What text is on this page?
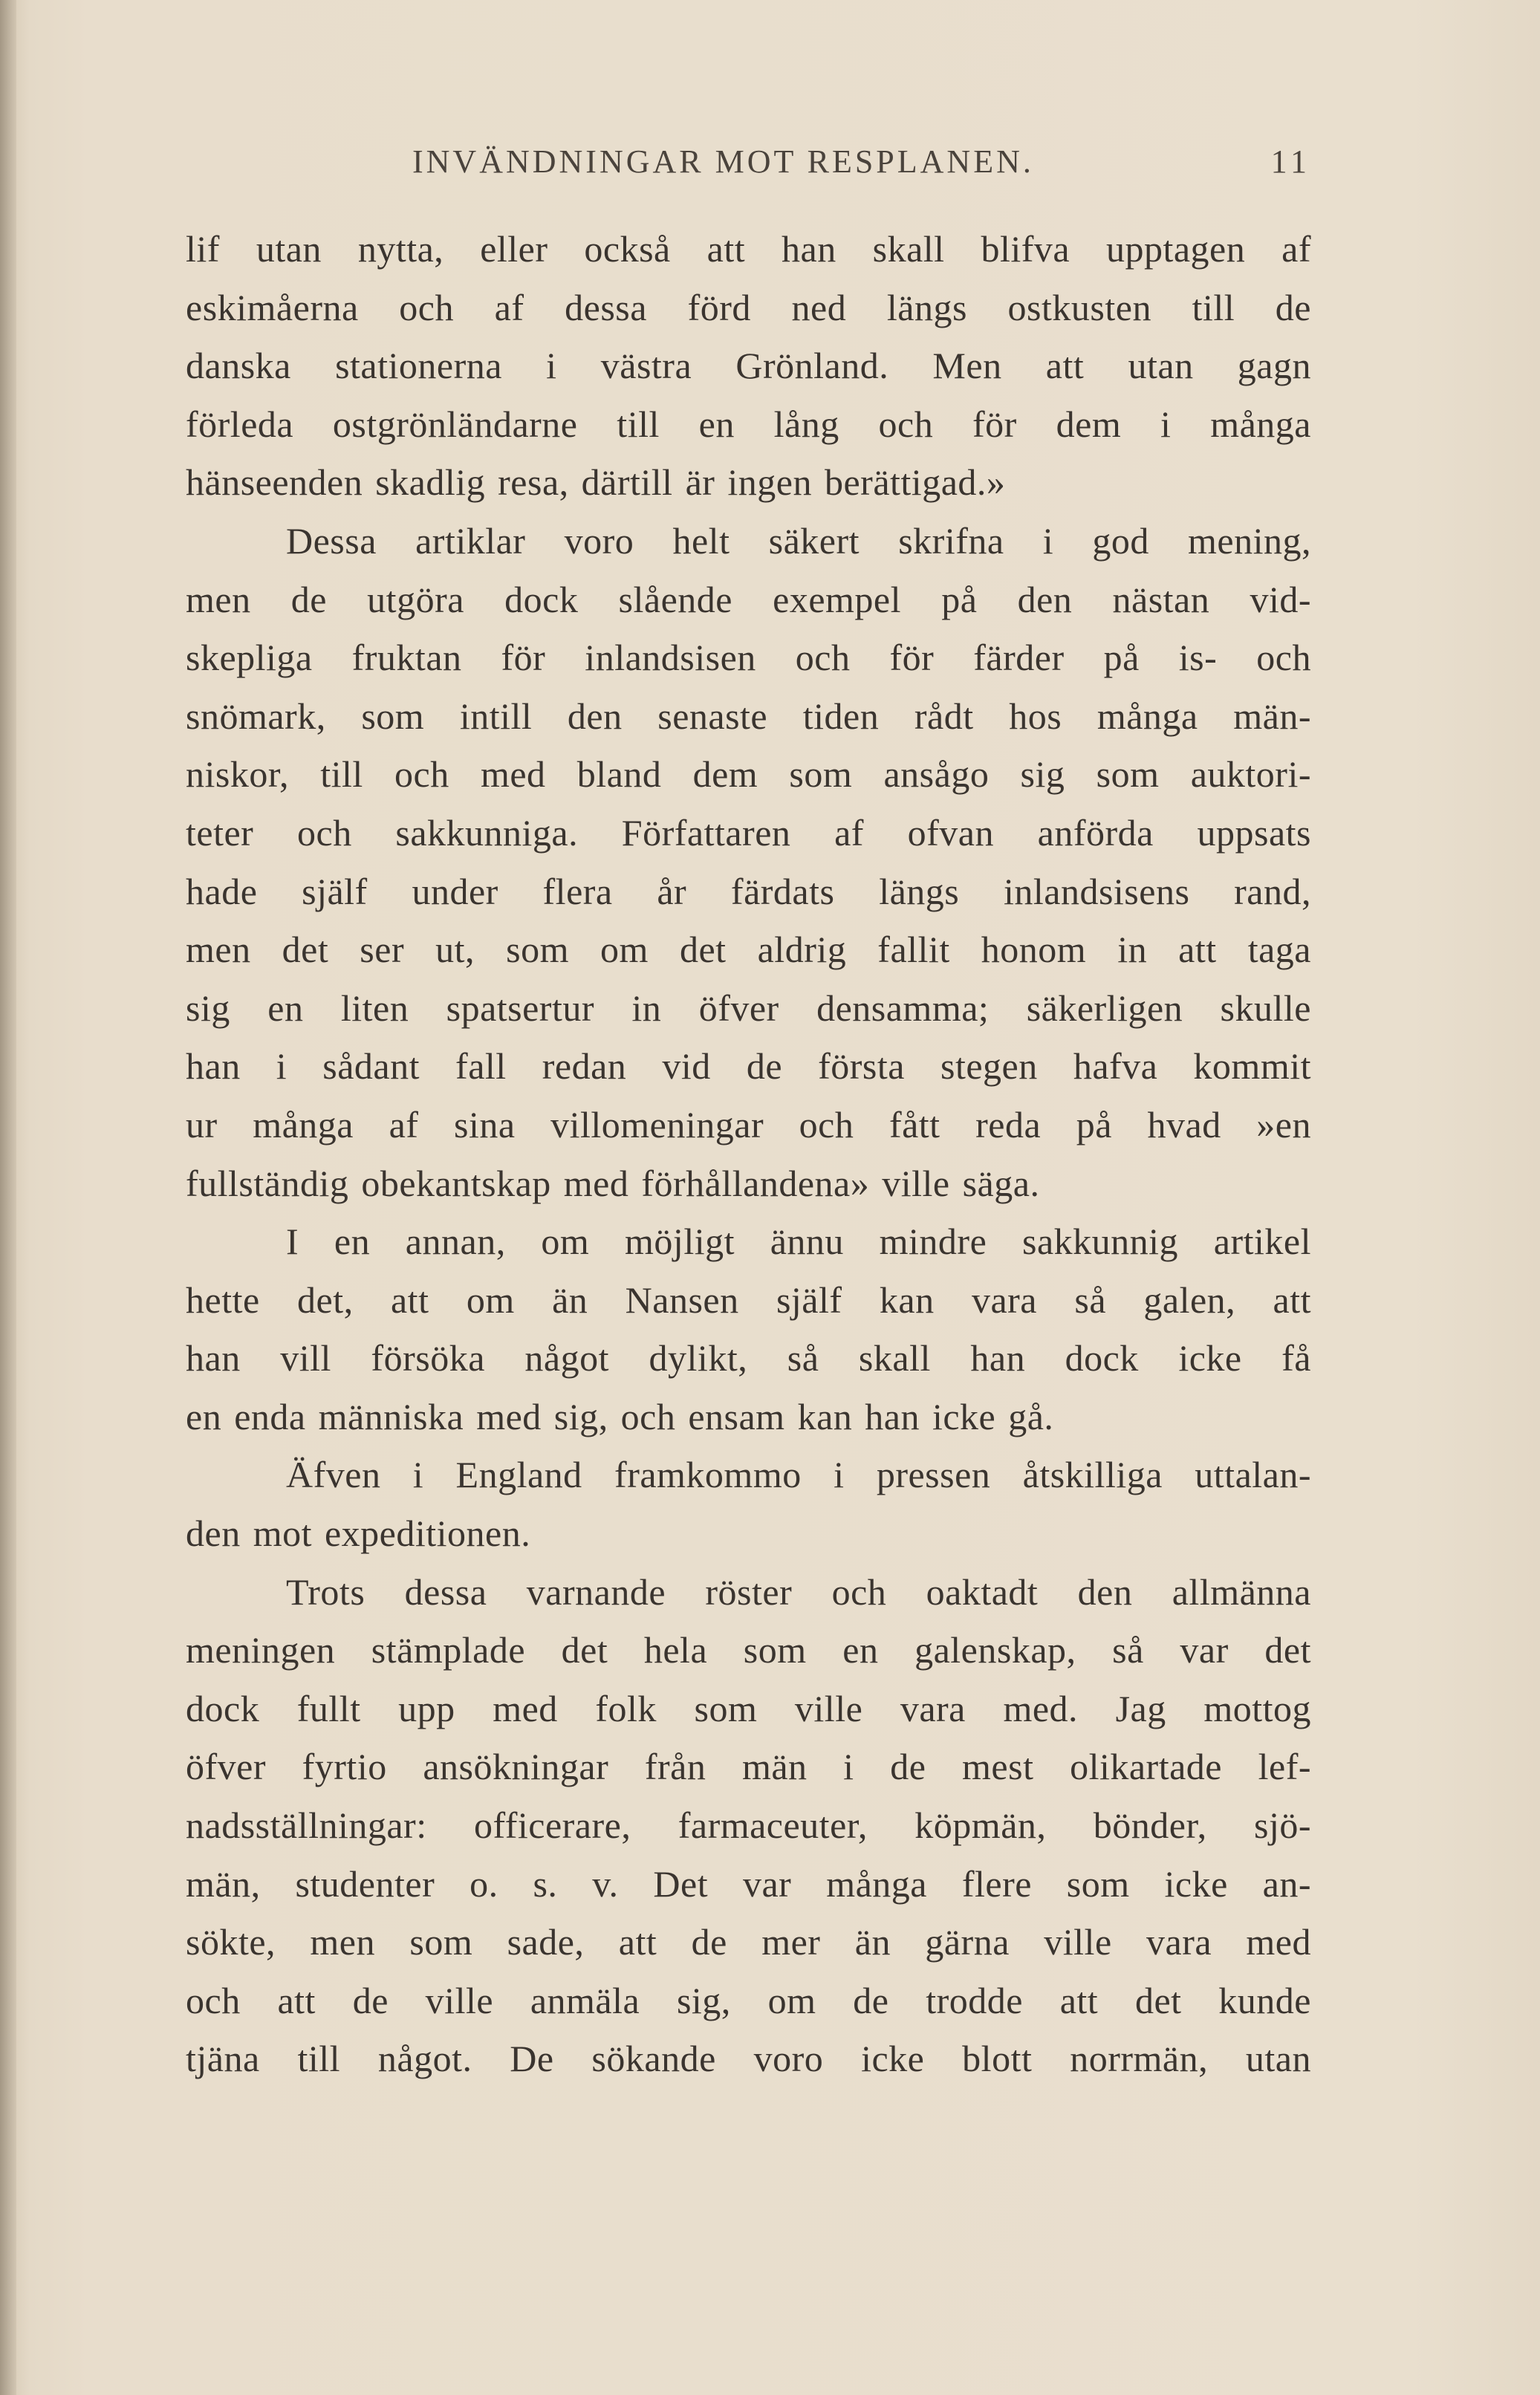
INVÄNDNINGAR MOT RESPLANEN.	11
lif utan nytta, eller också att han skall blifva upptagen af
eskimåerna och af dessa förd ned längs ostkusten till de
danska stationerna i västra Grönland. Men att utan gagn
förleda ostgrönländarne till en lång och för dem i många
hänseenden skadlig resa, därtill är ingen berättigad.»
Dessa artiklar voro helt säkert skrifna i god mening,
men de utgöra dock slående exempel på den nästan vid-
skepliga fruktan för inlandsisen och för färder på is- och
snömark, som intill den senaste tiden rådt hos många män-
niskor, till och med bland dem som ansågo sig som auktori-
teter och sakkunniga. Författaren af ofvan anförda uppsats
hade själf under flera år färdats längs inlandsisens rand,
men det ser ut, som om det aldrig fallit honom in att taga
sig en liten spatsertur in öfver densamma; säkerligen skulle
han i sådant fall redan vid de första stegen hafva kommit
ur många af sina villomeningar och fått reda på hvad »en
fullständig obekantskap med förhållandena» ville säga.
I en annan, om möjligt ännu mindre sakkunnig artikel
hette det, att om än Nansen själf kan vara så galen, att
han vill försöka något dylikt, så skall han dock icke få
en enda människa med sig, och ensam kan han icke gå.
Äfven i England framkommo i pressen åtskilliga uttalan-
den mot expeditionen.
Trots dessa varnande röster och oaktadt den allmänna
meningen stämplade det hela som en galenskap, så var det
dock fullt upp med folk som ville vara med. Jag mottog
öfver fyrtio ansökningar från män i de mest olikartade lef-
nadsställningar: officerare, farmaceuter, köpmän, bönder, sjö-
män, studenter o. s. v. Det var många flere som icke an-
sökte, men som sade, att de mer än gärna ville vara med
och att de ville anmäla sig, om de trodde att det kunde
tjäna till något. De sökande voro icke blott norrmän, utan
